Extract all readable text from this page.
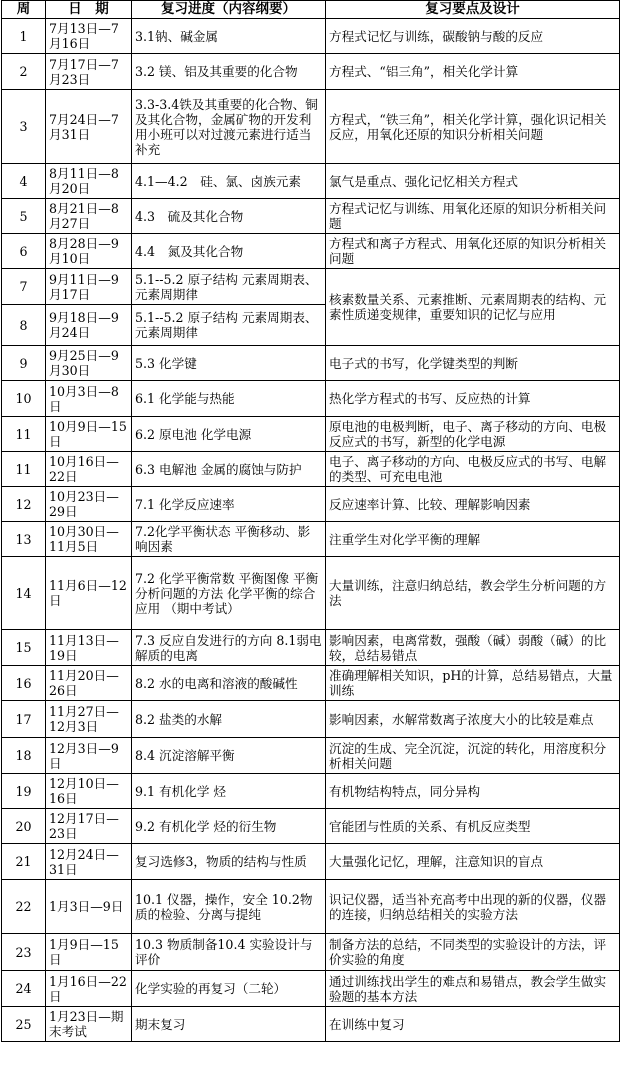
周	日　期	复习进度（内容纲要）	复习要点及设计
1	7月13日—7月16日	3.1钠、碱金属	方程式记忆与训练，碳酸钠与酸的反应
2	7月17日—7月23日	3.2 镁、铝及其重要的化合物	方程式、“铝三角”，相关化学计算
3	7月24日—7月31日	3.3-3.4铁及其重要的化合物、铜及其化合物，金属矿物的开发利用小班可以对过渡元素进行适当补充	方程式，“铁三角”，相关化学计算，强化识记相关反应，用氧化还原的知识分析相关问题
4	8月11日—8月20日	4.1—4.2　硅、氯、卤族元素	氯气是重点、强化记忆相关方程式
5	8月21日—8月27日	4.3　硫及其化合物	方程式记忆与训练、用氧化还原的知识分析相关问题
6	8月28日—9月10日	4.4　氮及其化合物	方程式和离子方程式、用氧化还原的知识分析相关问题
7	9月11日—9月17日	5.1--5.2 原子结构 元素周期表、元素周期律	核素数量关系、元素推断、元素周期表的结构、元素性质递变规律，重要知识的记忆与应用
8	9月18日—9月24日	5.1--5.2 原子结构 元素周期表、元素周期律	
9	9月25日—9月30日	5.3 化学键	电子式的书写，化学键类型的判断
10	10月3日—8日	6.1 化学能与热能	热化学方程式的书写、反应热的计算
11	10月9日—15日	6.2 原电池 化学电源	原电池的电极判断，电子、离子移动的方向、电极反应式的书写，新型的化学电源
11	10月16日—22日	6.3 电解池 金属的腐蚀与防护	电子、离子移动的方向、电极反应式的书写、电解的类型、可充电电池
12	10月23日—29日	7.1 化学反应速率	反应速率计算、比较、理解影响因素
13	10月30日—11月5日	7.2化学平衡状态 平衡移动、影响因素	注重学生对化学平衡的理解
14	11月6日—12日	7.2 化学平衡常数 平衡图像 平衡分析问题的方法 化学平衡的综合应用 （期中考试）	大量训练，注意归纳总结，教会学生分析问题的方法
15	11月13日—19日	7.3 反应自发进行的方向 8.1弱电解质的电离	影响因素，电离常数，强酸（碱）弱酸（碱）的比较，总结易错点
16	11月20日—26日	8.2 水的电离和溶液的酸碱性	准确理解相关知识，pH的计算，总结易错点，大量训练
17	11月27日—12月3日	8.2 盐类的水解	影响因素，水解常数离子浓度大小的比较是难点
18	12月3日—9日	8.4 沉淀溶解平衡	沉淀的生成、完全沉淀，沉淀的转化，用溶度积分析相关问题
19	12月10日—16日	9.1 有机化学 烃	有机物结构特点，同分异构
20	12月17日—23日	9.2 有机化学 烃的衍生物	官能团与性质的关系、有机反应类型
21	12月24日—31日	复习选修3，物质的结构与性质	大量强化记忆，理解，注意知识的盲点
22	1月3日—9日	10.1 仪器，操作，安全 10.2物质的检验、分离与提纯	识记仪器，适当补充高考中出现的新的仪器，仪器的连接，归纳总结相关的实验方法
23	1月9日—15日	10.3 物质制备10.4 实验设计与评价	制备方法的总结，不同类型的实验设计的方法，评价实验的角度
24	1月16日—22日	化学实验的再复习（二轮）	通过训练找出学生的难点和易错点，教会学生做实验题的基本方法
25	1月23日—期末考试	期末复习	在训练中复习
